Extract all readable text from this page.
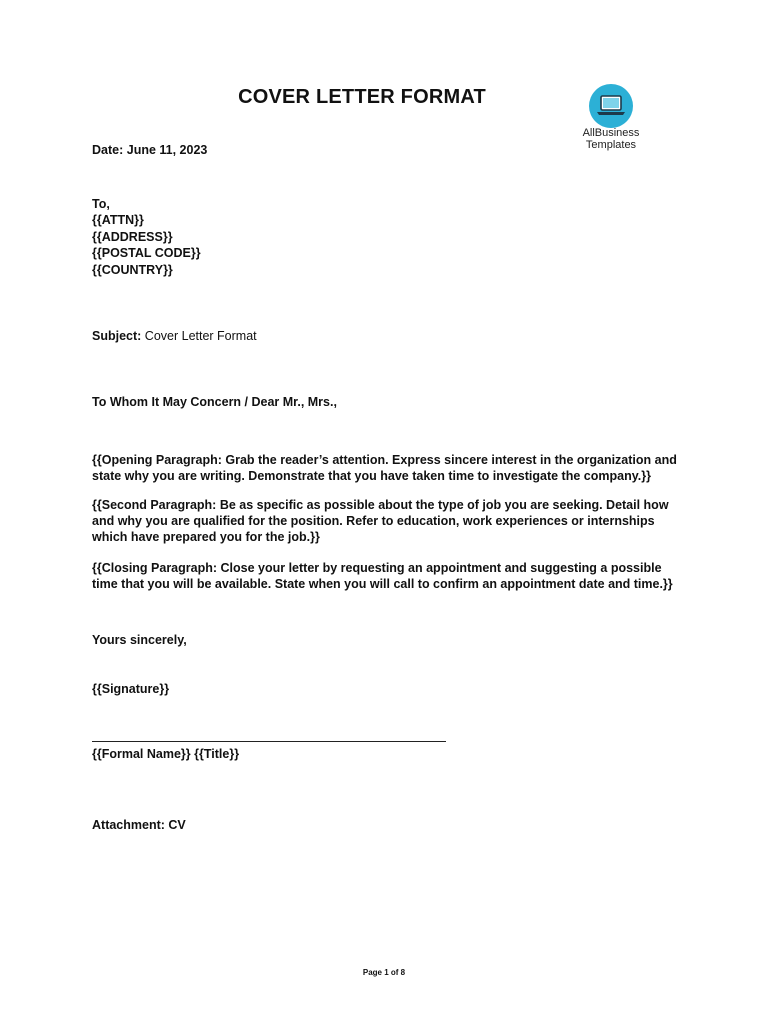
COVER LETTER FORMAT
AllBusiness
Templates

Date: June 11, 2023

To,

{{ATTN}}

{{ADDRESS}}

{{POSTAL CODE}}

{{COUNTRY}}

Subject: Cover Letter Format

To Whom It May Concern / Dear Mr., Mrs.,

{{Opening Paragraph: Grab the reader’s attention. Express sincere interest in the organization and state why you are writing. Demonstrate that you have taken time to investigate the company.}}

{{Second Paragraph: Be as specific as possible about the type of job you are seeking. Detail how and why you are qualified for the position. Refer to education, work experiences or internships which have prepared you for the job.}}

{{Closing Paragraph: Close your letter by requesting an appointment and suggesting a possible time that you will be available. State when you will call to confirm an appointment date and time.}}

Yours sincerely,

{{Signature}}

{{Formal Name}} {{Title}}

Attachment: CV

Page 1 of 8
